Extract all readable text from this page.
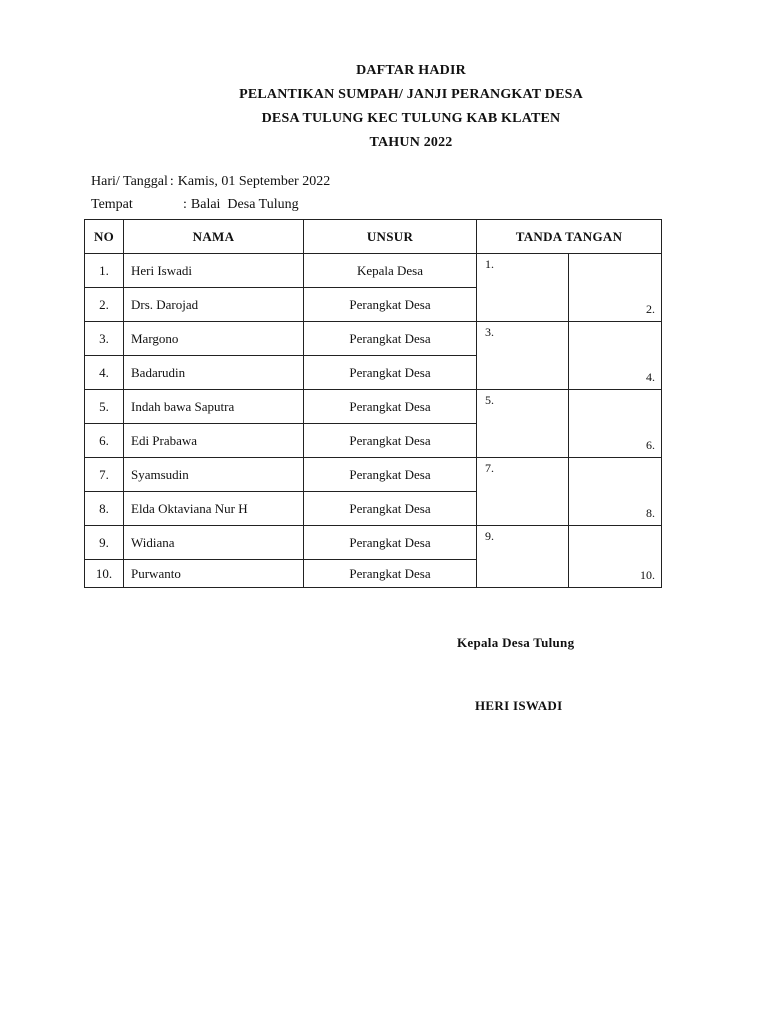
DAFTAR HADIR
PELANTIKAN SUMPAH/ JANJI PERANGKAT DESA
DESA TULUNG KEC TULUNG KAB KLATEN
TAHUN 2022
Hari/ Tanggal : Kamis, 01 September 2022
Tempat	: Balai  Desa Tulung
NO	NAMA	UNSUR	TANDA TANGAN	
1.	Heri Iswadi	Kepala Desa	1.	2.

2.	Drs. Darojad	Perangkat Desa		
3.	Margono	Perangkat Desa	3.	4.

4.	Badarudin	Perangkat Desa		
5.	Indah bawa Saputra	Perangkat Desa	5.	6.

6.	Edi Prabawa	Perangkat Desa		
7.	Syamsudin	Perangkat Desa	7.	8.

8.	Elda Oktaviana Nur H	Perangkat Desa		
9.	Widiana	Perangkat Desa	9.	10.

10.	Purwanto	Perangkat Desa		
Kepala Desa Tulung
HERI ISWADI
